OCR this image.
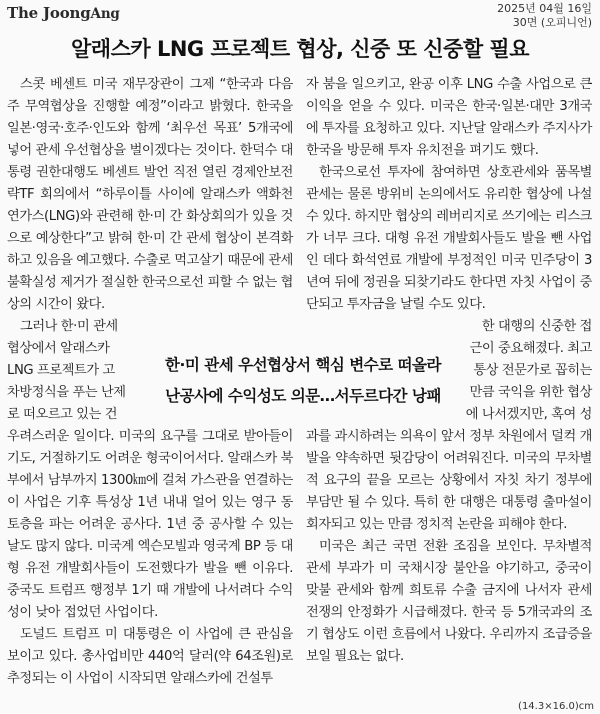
The JoongAng	2025년 04월 16일
30면 (오피니언)
알래스카 LNG 프로젝트 협상, 신중 또 신중할 필요

스콧 베센트 미국 재무장관이 그제 “한국과 다음 주 무역협상을 진행할 예정”이라고 밝혔다. 한국을 일본·영국·호주·인도와 함께 ‘최우선 목표’ 5개국에 넣어 관세 우선협상을 벌이겠다는 것이다. 한덕수 대통령 권한대행도 베센트 발언 직전 열린 경제안보전략TF 회의에서 “하루이틀 사이에 알래스카 액화천연가스(LNG)와 관련해 한·미 간 화상회의가 있을 것으로 예상한다”고 밝혀 한·미 간 관세 협상이 본격화하고 있음을 예고했다. 수출로 먹고살기 때문에 관세 불확실성 제거가 절실한 한국으로선 피할 수 없는 협상의 시간이 왔다.

그러나 한·미 관세

협상에서 알래스카

LNG 프로젝트가 고

차방정식을 푸는 난제

로 떠오르고 있는 건

우려스러운 일이다. 미국의 요구를 그대로 받아들이기도, 거절하기도 어려운 형국이어서다. 알래스카 북부에서 남부까지 1300㎞에 걸쳐 가스관을 연결하는 이 사업은 기후 특성상 1년 내내 얼어 있는 영구 동토층을 파는 어려운 공사다. 1년 중 공사할 수 있는 날도 많지 않다. 미국계 엑슨모빌과 영국계 BP 등 대형 유전 개발회사들이 도전했다가 발을 뺀 이유다. 중국도 트럼프 행정부 1기 때 개발에 나서려다 수익성이 낮아 접었던 사업이다.

도널드 트럼프 미 대통령은 이 사업에 큰 관심을 보이고 있다. 총사업비만 440억 달러(약 64조원)로 추정되는 이 사업이 시작되면 알래스카에 건설투

자 붐을 일으키고, 완공 이후 LNG 수출 사업으로 큰 이익을 얻을 수 있다. 미국은 한국·일본·대만 3개국에 투자를 요청하고 있다. 지난달 알래스카 주지사가 한국을 방문해 투자 유치전을 펴기도 했다.

한국으로선 투자에 참여하면 상호관세와 품목별 관세는 물론 방위비 논의에서도 유리한 협상에 나설 수 있다. 하지만 협상의 레버리지로 쓰기에는 리스크가 너무 크다. 대형 유전 개발회사들도 발을 뺀 사업인 데다 화석연료 개발에 부정적인 미국 민주당이 3년여 뒤에 정권을 되찾기라도 한다면 자칫 사업이 중단되고 투자금을 날릴 수도 있다.

한 대행의 신중한 접

근이 중요해졌다. 최고

통상 전문가로 꼽히는

만큼 국익을 위한 협상

에 나서겠지만, 혹여 성

과를 과시하려는 의욕이 앞서 정부 차원에서 덜컥 개발을 약속하면 뒷감당이 어려워진다. 미국의 무차별적 요구의 끝을 모르는 상황에서 자칫 차기 정부에 부담만 될 수 있다. 특히 한 대행은 대통령 출마설이 회자되고 있는 만큼 정치적 논란을 피해야 한다.

미국은 최근 국면 전환 조짐을 보인다. 무차별적 관세 부과가 미 국채시장 불안을 야기하고, 중국이 맞불 관세와 함께 희토류 수출 금지에 나서자 관세 전쟁의 안정화가 시급해졌다. 한국 등 5개국과의 조기 협상도 이런 흐름에서 나왔다. 우리까지 조급증을 보일 필요는 없다.

한·미 관세 우선협상서 핵심 변수로 떠올라
난공사에 수익성도 의문…서두르다간 낭패
(14.3×16.0)cm
